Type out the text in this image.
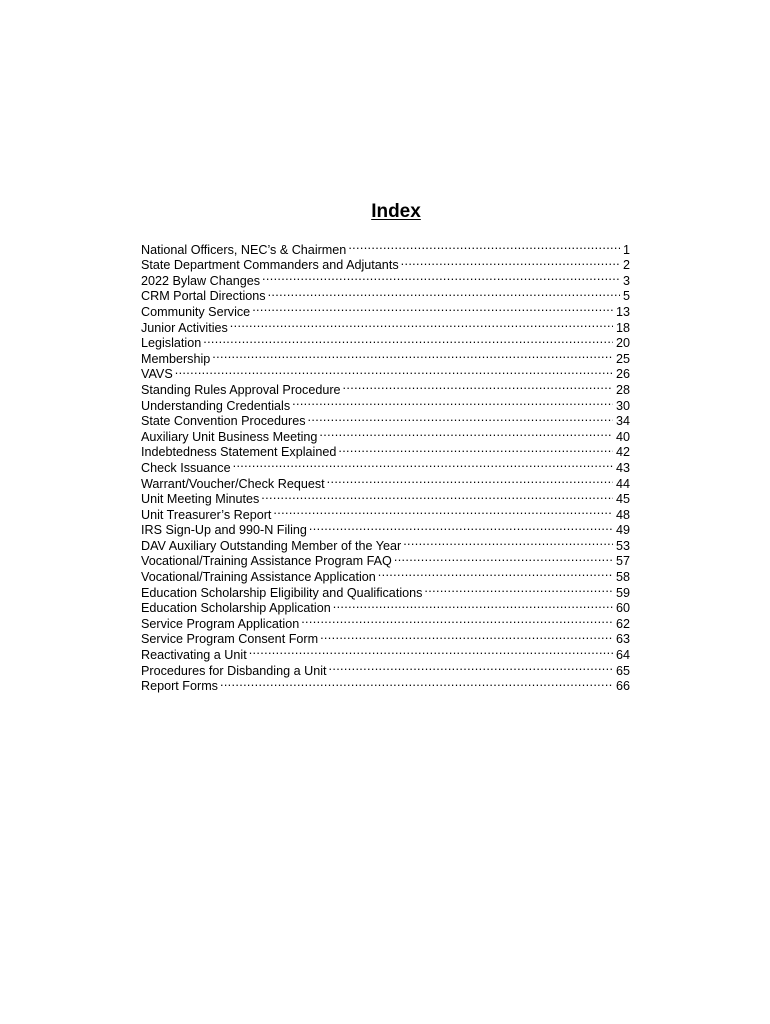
Index
National Officers, NEC’s & Chairmen .....	1
State Department Commanders and Adjutants .....	2
2022 Bylaw Changes .....	3
CRM Portal Directions .....	5
Community Service .....	13
Junior Activities .....	18
Legislation .....	20
Membership .....	25
VAVS .....	26
Standing Rules Approval Procedure .....	28
Understanding Credentials .....	30
State Convention Procedures .....	34
Auxiliary Unit Business Meeting .....	40
Indebtedness Statement Explained .....	42
Check Issuance .....	43
Warrant/Voucher/Check Request .....	44
Unit Meeting Minutes .....	45
Unit Treasurer’s Report .....	48
IRS Sign-Up and 990-N Filing .....	49
DAV Auxiliary Outstanding Member of the Year .....	53
Vocational/Training Assistance Program FAQ .....	57
Vocational/Training Assistance Application .....	58
Education Scholarship Eligibility and Qualifications .....	59
Education Scholarship Application .....	60
Service Program Application .....	62
Service Program Consent Form .....	63
Reactivating a Unit .....	64
Procedures for Disbanding a Unit .....	65
Report Forms .....	66
